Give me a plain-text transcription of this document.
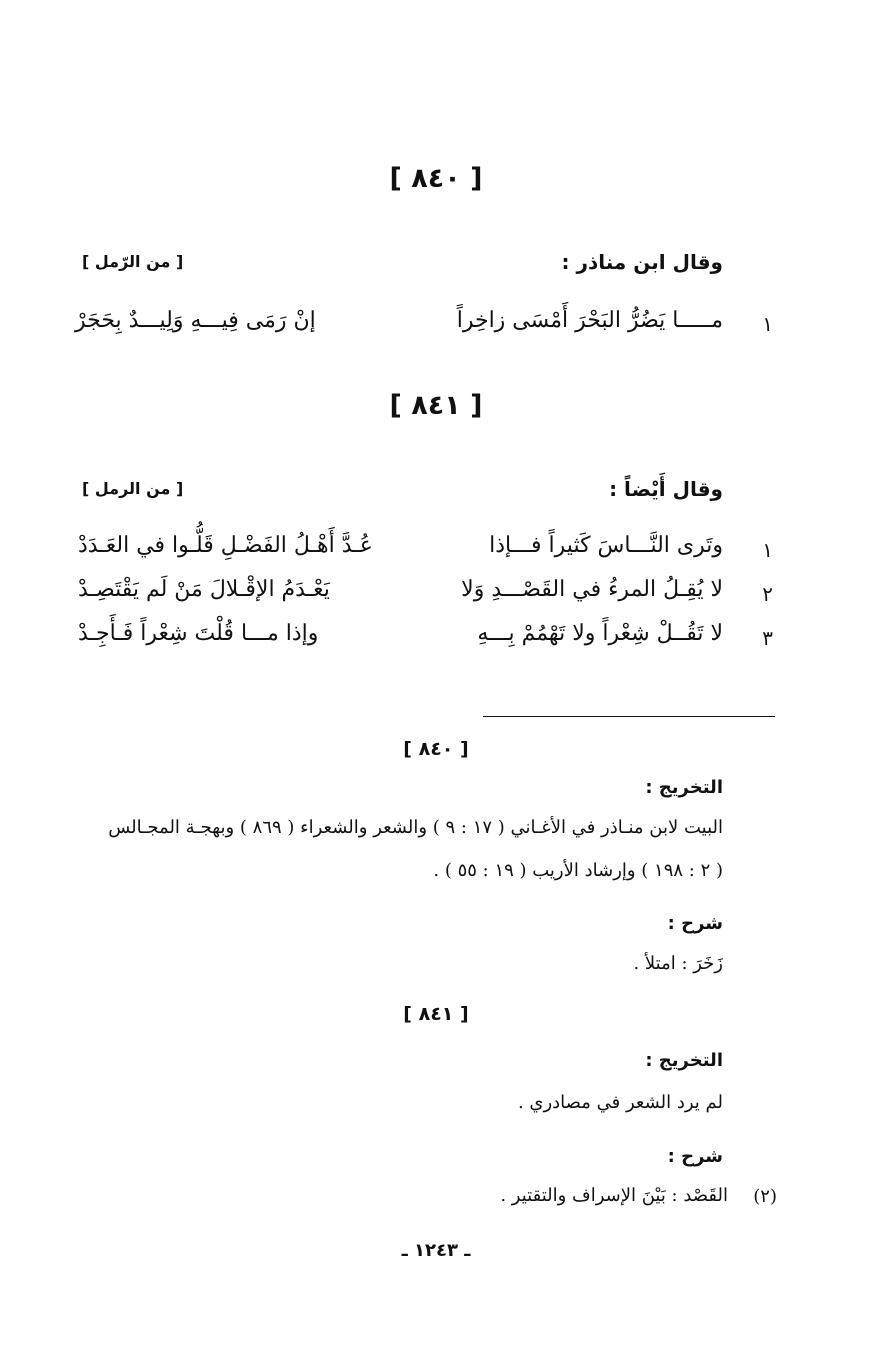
[ ٨٤٠ ]
وقال ابن مناذر :
[ من الرّمل ]
١
مـــــا يَضُرُّ البَحْرَ أَمْسَى زاخِراً
إنْ رَمَى فِيـــهِ وَلِيـــدٌ بِحَجَرْ
[ ٨٤١ ]
وقال أَيْضاً :
[ من الرمل ]
١
وتَرى النَّـــاسَ كَثيراً فـــإذا
عُـدَّ أَهْـلُ الفَضْـلِ قَلُّـوا في العَـدَدْ
٢
لا يُقِـلُ المرءُ في القَصْـــدِ وَلا
يَعْـدَمُ الإقْـلالَ مَنْ لَم يَقْتَصِـدْ
٣
لا تَقُــلْ شِعْراً ولا تَهْمُمْ بِـــهِ
وإذا مـــا قُلْتَ شِعْراً فَـأَجِـدْ
[ ٨٤٠ ]
التخريج :
البيت لابن منـاذر في الأغـاني ( ١٧ : ٩ ) والشعر والشعراء ( ٨٦٩ ) وبهجـة المجـالس
( ٢ : ١٩٨ ) وإرشاد الأريب ( ١٩ : ٥٥ ) .
شرح :
زَخَرَ : امتلأ .
[ ٨٤١ ]
التخريج :
لم يرد الشعر في مصادري .
شرح :
(٢)
القَصْد : بَيْنَ الإسراف والتقتير .
ـ ١٢٤٣ ـ
